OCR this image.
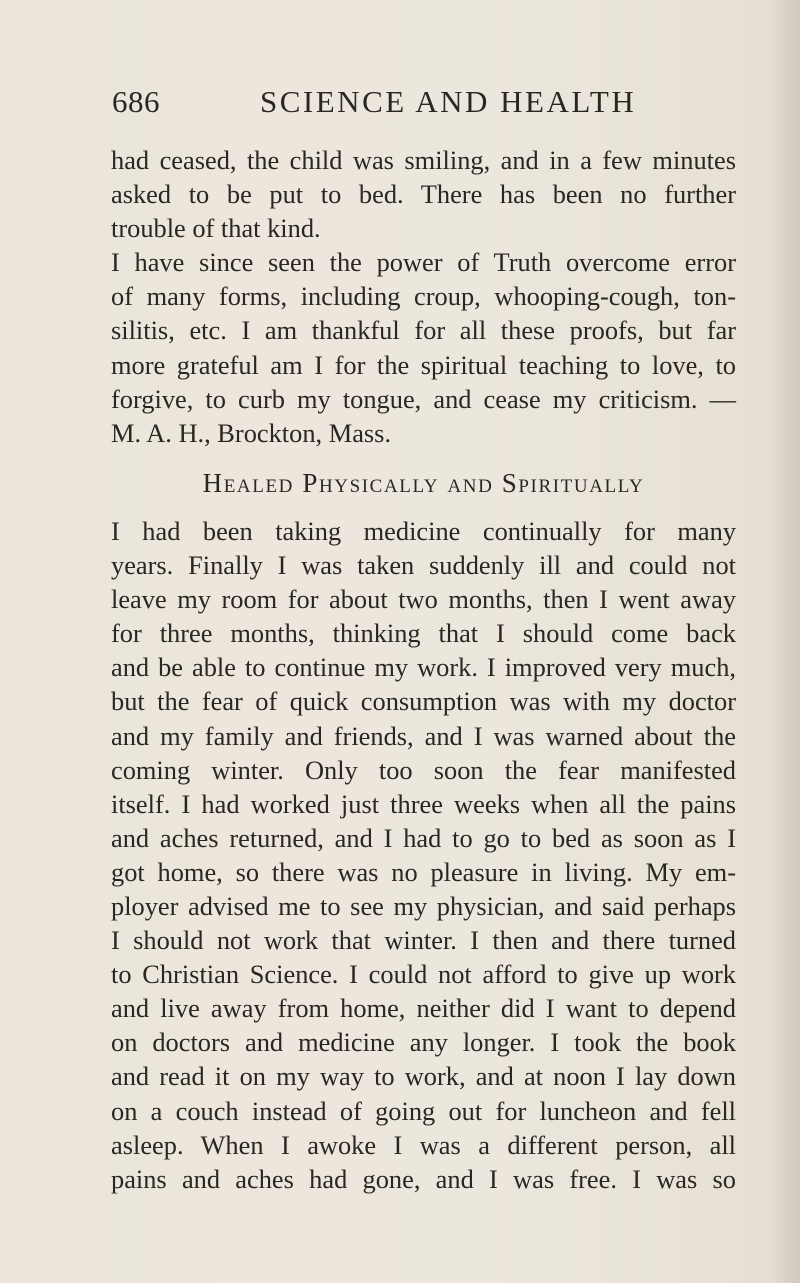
686	SCIENCE AND HEALTH
had ceased, the child was smiling, and in a few minutes
asked to be put to bed. There has been no further
trouble of that kind.
I have since seen the power of Truth overcome error
of many forms, including croup, whooping-cough, ton-
silitis, etc. I am thankful for all these proofs, but far
more grateful am I for the spiritual teaching to love, to
forgive, to curb my tongue, and cease my criticism. —
M. A. H., Brockton, Mass.
Healed Physically and Spiritually
I had been taking medicine continually for many
years. Finally I was taken suddenly ill and could not
leave my room for about two months, then I went away
for three months, thinking that I should come back
and be able to continue my work. I improved very much,
but the fear of quick consumption was with my doctor
and my family and friends, and I was warned about the
coming winter. Only too soon the fear manifested
itself. I had worked just three weeks when all the pains
and aches returned, and I had to go to bed as soon as I
got home, so there was no pleasure in living. My em-
ployer advised me to see my physician, and said perhaps
I should not work that winter. I then and there turned
to Christian Science. I could not afford to give up work
and live away from home, neither did I want to depend
on doctors and medicine any longer. I took the book
and read it on my way to work, and at noon I lay down
on a couch instead of going out for luncheon and fell
asleep. When I awoke I was a different person, all
pains and aches had gone, and I was free. I was so
